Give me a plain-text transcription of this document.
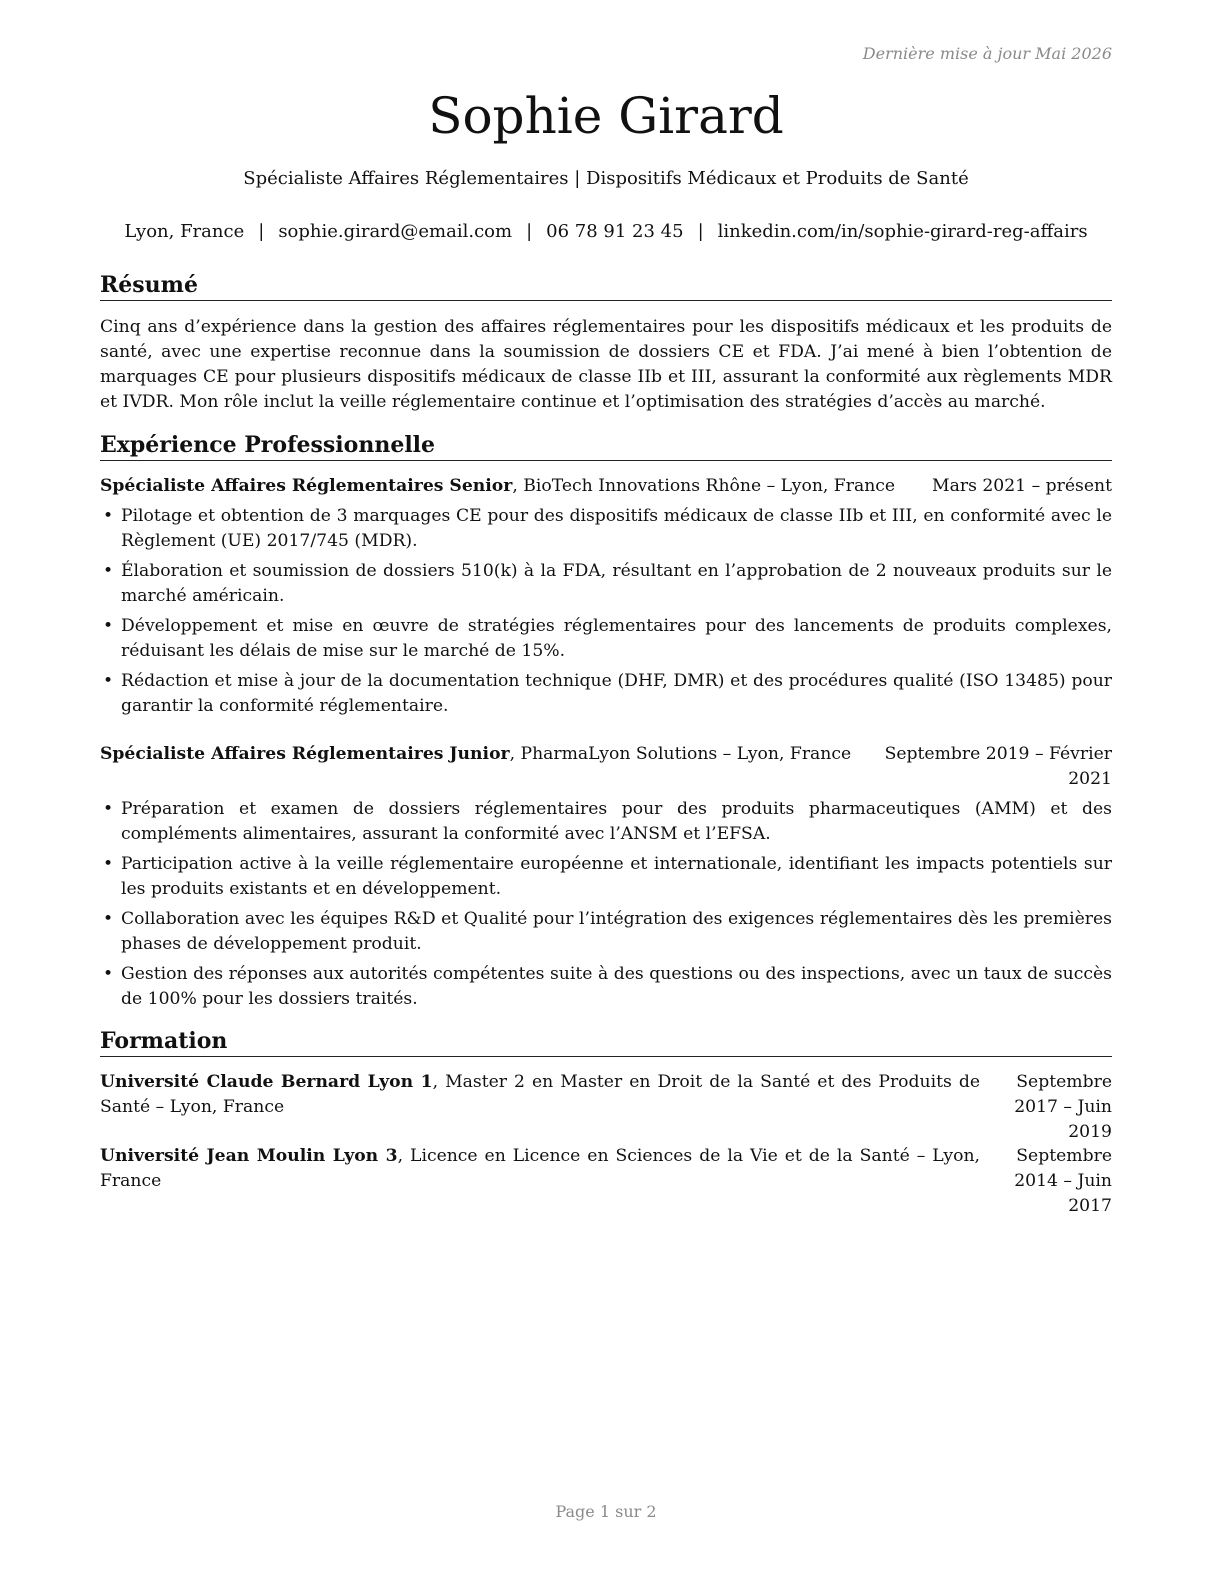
Dernière mise à jour Mai 2026
Sophie Girard
Spécialiste Affaires Réglementaires | Dispositifs Médicaux et Produits de Santé
Lyon, France | sophie.girard@email.com | 06 78 91 23 45 | linkedin.com/in/sophie-girard-reg-affairs
Résumé
Cinq ans d’expérience dans la gestion des affaires réglementaires pour les dispositifs médicaux et les produits de santé, avec une expertise reconnue dans la soumission de dossiers CE et FDA. J’ai mené à bien l’obtention de marquages CE pour plusieurs dispositifs médicaux de classe IIb et III, assurant la conformité aux règlements MDR et IVDR. Mon rôle inclut la veille réglementaire continue et l’optimisation des stratégies d’accès au marché.
Expérience Professionnelle
Spécialiste Affaires Réglementaires Senior, BioTech Innovations Rhône – Lyon, France Mars 2021 – présent
• Pilotage et obtention de 3 marquages CE pour des dispositifs médicaux de classe IIb et III, en conformité avec le Règlement (UE) 2017/745 (MDR).
• Élaboration et soumission de dossiers 510(k) à la FDA, résultant en l’approbation de 2 nouveaux produits sur le marché américain.
• Développement et mise en œuvre de stratégies réglementaires pour des lancements de produits complexes, réduisant les délais de mise sur le marché de 15%.
• Rédaction et mise à jour de la documentation technique (DHF, DMR) et des procédures qualité (ISO 13485) pour garantir la conformité réglementaire.
Spécialiste Affaires Réglementaires Junior, PharmaLyon Solutions – Lyon, France	Septembre 2019 – Février 2021
• Préparation et examen de dossiers réglementaires pour des produits pharmaceutiques (AMM) et des compléments alimentaires, assurant la conformité avec l’ANSM et l’EFSA.
• Participation active à la veille réglementaire européenne et internationale, identifiant les impacts potentiels sur les produits existants et en développement.
• Collaboration avec les équipes R&D et Qualité pour l’intégration des exigences réglementaires dès les premières phases de développement produit.
• Gestion des réponses aux autorités compétentes suite à des questions ou des inspections, avec un taux de succès de 100% pour les dossiers traités.
Formation
Université Claude Bernard Lyon 1, Master 2 en Master en Droit de la Santé et des Produits de Santé – Lyon, France
Septembre 2017 – Juin 2019
Université Jean Moulin Lyon 3, Licence en Licence en Sciences de la Vie et de la Santé – Lyon, France
Septembre 2014 – Juin 2017
Page 1 sur 2
